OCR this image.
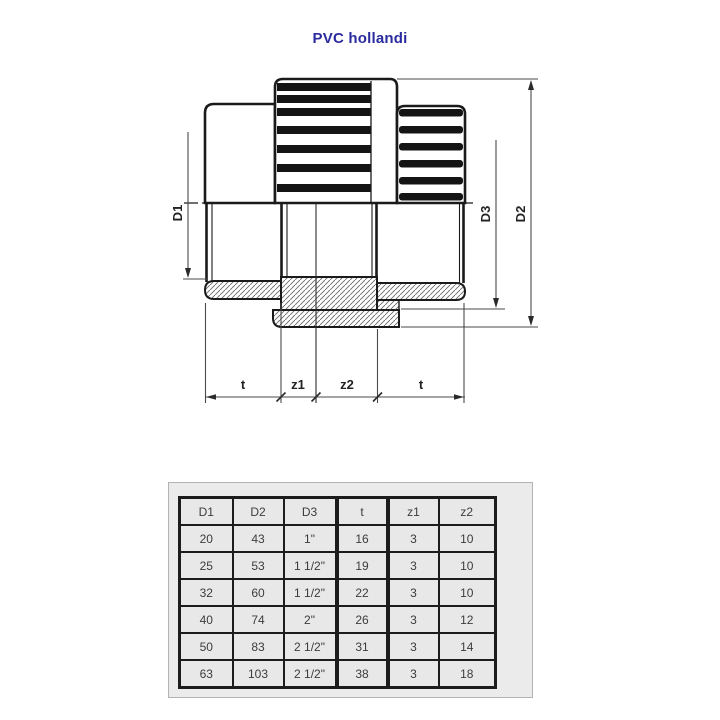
PVC hollandi
D1	D3 D2
t	z1	z2	t
D1	D2	D3	t	z1	z2
20	43	1"	16	3	10
25	53	1 1/2"	19	3	10
32	60	1 1/2"	22	3	10
40	74	2"	26	3	12
50	83	2 1/2"	31	3	14
63	103	2 1/2"	38	3	18
